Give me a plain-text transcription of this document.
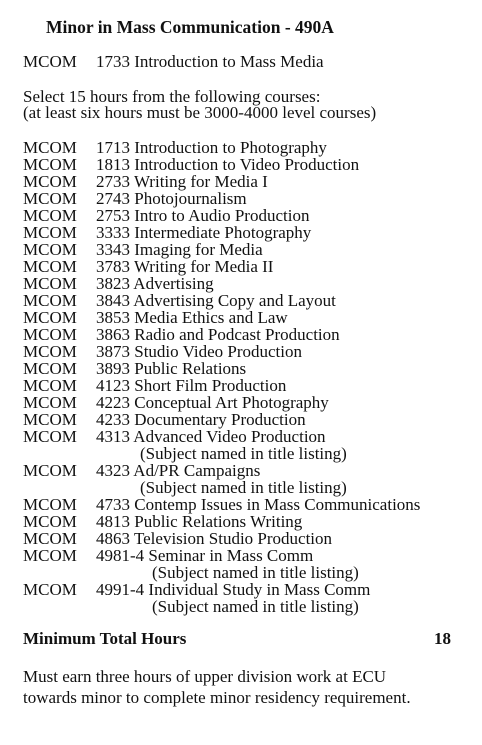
Minor in Mass Communication - 490A
MCOM 1733 Introduction to Mass Media
Select 15 hours from the following courses:
(at least six hours must be 3000-4000 level courses)
MCOM 1713 Introduction to Photography
MCOM 1813 Introduction to Video Production
MCOM 2733 Writing for Media I
MCOM 2743 Photojournalism
MCOM 2753 Intro to Audio Production
MCOM 3333 Intermediate Photography
MCOM 3343 Imaging for Media
MCOM 3783 Writing for Media II
MCOM 3823 Advertising
MCOM 3843 Advertising Copy and Layout
MCOM 3853 Media Ethics and Law
MCOM 3863 Radio and Podcast Production
MCOM 3873 Studio Video Production
MCOM 3893 Public Relations
MCOM 4123 Short Film Production
MCOM 4223 Conceptual Art Photography
MCOM 4233 Documentary Production
MCOM 4313 Advanced Video Production
(Subject named in title listing)
MCOM 4323 Ad/PR Campaigns
(Subject named in title listing)
MCOM 4733 Contemp Issues in Mass Communications
MCOM 4813 Public Relations Writing
MCOM 4863 Television Studio Production
MCOM 4981-4 Seminar in Mass Comm
(Subject named in title listing)
MCOM 4991-4 Individual Study in Mass Comm
(Subject named in title listing)
Minimum Total Hours	18
Must earn three hours of upper division work at ECU
towards minor to complete minor residency requirement.
